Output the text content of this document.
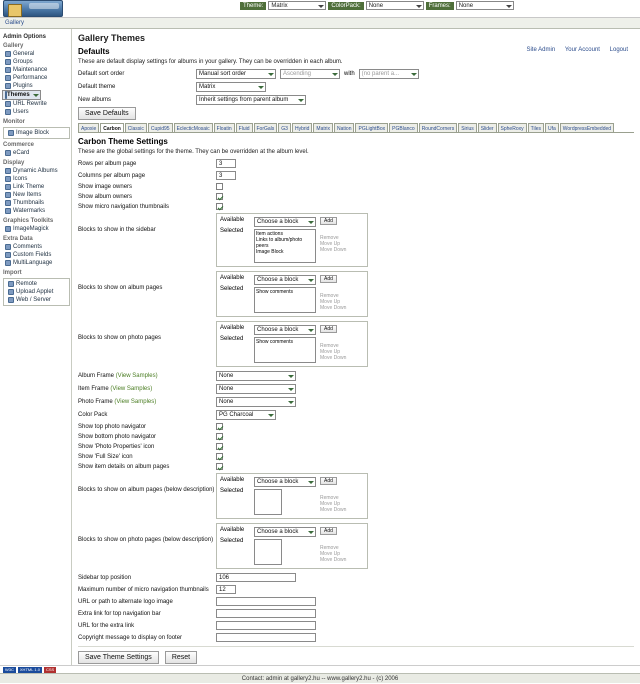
Theme:	Matrix	ColorPack:	None	Frames:	None
Gallery
Admin Options
Gallery
General
Groups
Maintenance
Performance
Plugins
Themes
URL Rewrite
Users
Monitor
Image Block
Commerce
eCard
Display
Dynamic Albums
Icons
Link Theme
New Items
Thumbnails
Watermarks
Graphics Toolkits
ImageMagick
Extra Data
Comments
Custom Fields
MultiLanguage
Import
Remote
Upload Applet
Web / Server
Gallery Themes
Site Admin Your Account Logout
Defaults
These are default display settings for albums in your gallery. They can be overridden in each album.
Default sort order	Manual sort order	Ascending	with	(no parent a...
Default theme	Matrix
New albums	Inherit settings from parent album
Save Defaults
Apoxie	Carbon	Classic	Cupid95	EclecticMosaic	Floatin	Fluid	ForGals	G3	Hybrid	Matrix	Nation	PGLightBox	PGBlanco	RoundCorners	Sirius	Slider	SpheRoxy	Tiles	Ufa	WordpressEmbedded
Carbon Theme Settings
These are the global settings for the theme. They can be overridden at the album level.
Rows per album page	3
Columns per album page	3
Show image owners
Show album owners
Show micro navigation thumbnails
Blocks to show in the sidebar
Available
Selected
Choose a block
Item actions
Links to album/photo peers
Image Block
Add
Remove
Move Up
Move Down
Blocks to show on album pages
Available
Selected
Choose a block
Show comments
Add
Remove
Move Up
Move Down
Blocks to show on photo pages
Available
Selected
Choose a block
Show comments
Add
Remove
Move Up
Move Down
Album Frame (View Samples)	None
Item Frame (View Samples)	None
Photo Frame (View Samples)	None
Color Pack	PG Charcoal
Show top photo navigator
Show bottom photo navigator
Show 'Photo Properties' icon
Show 'Full Size' icon
Show item details on album pages
Blocks to show on album pages (below description)
Available
Selected
Choose a block	Add
Remove
Move Up
Move Down
Blocks to show on photo pages (below description)
Available
Selected
Choose a block	Add
Remove
Move Up
Move Down
Sidebar top position	106
Maximum number of micro navigation thumbnails	12
URL or path to alternate logo image
Extra link for top navigation bar
URL for the extra link
Copyright message to display on footer
Save Theme Settings	Reset
W3C	XHTML 1.0	CSS
Contact: admin at gallery2.hu -- www.gallery2.hu - (c) 2006
